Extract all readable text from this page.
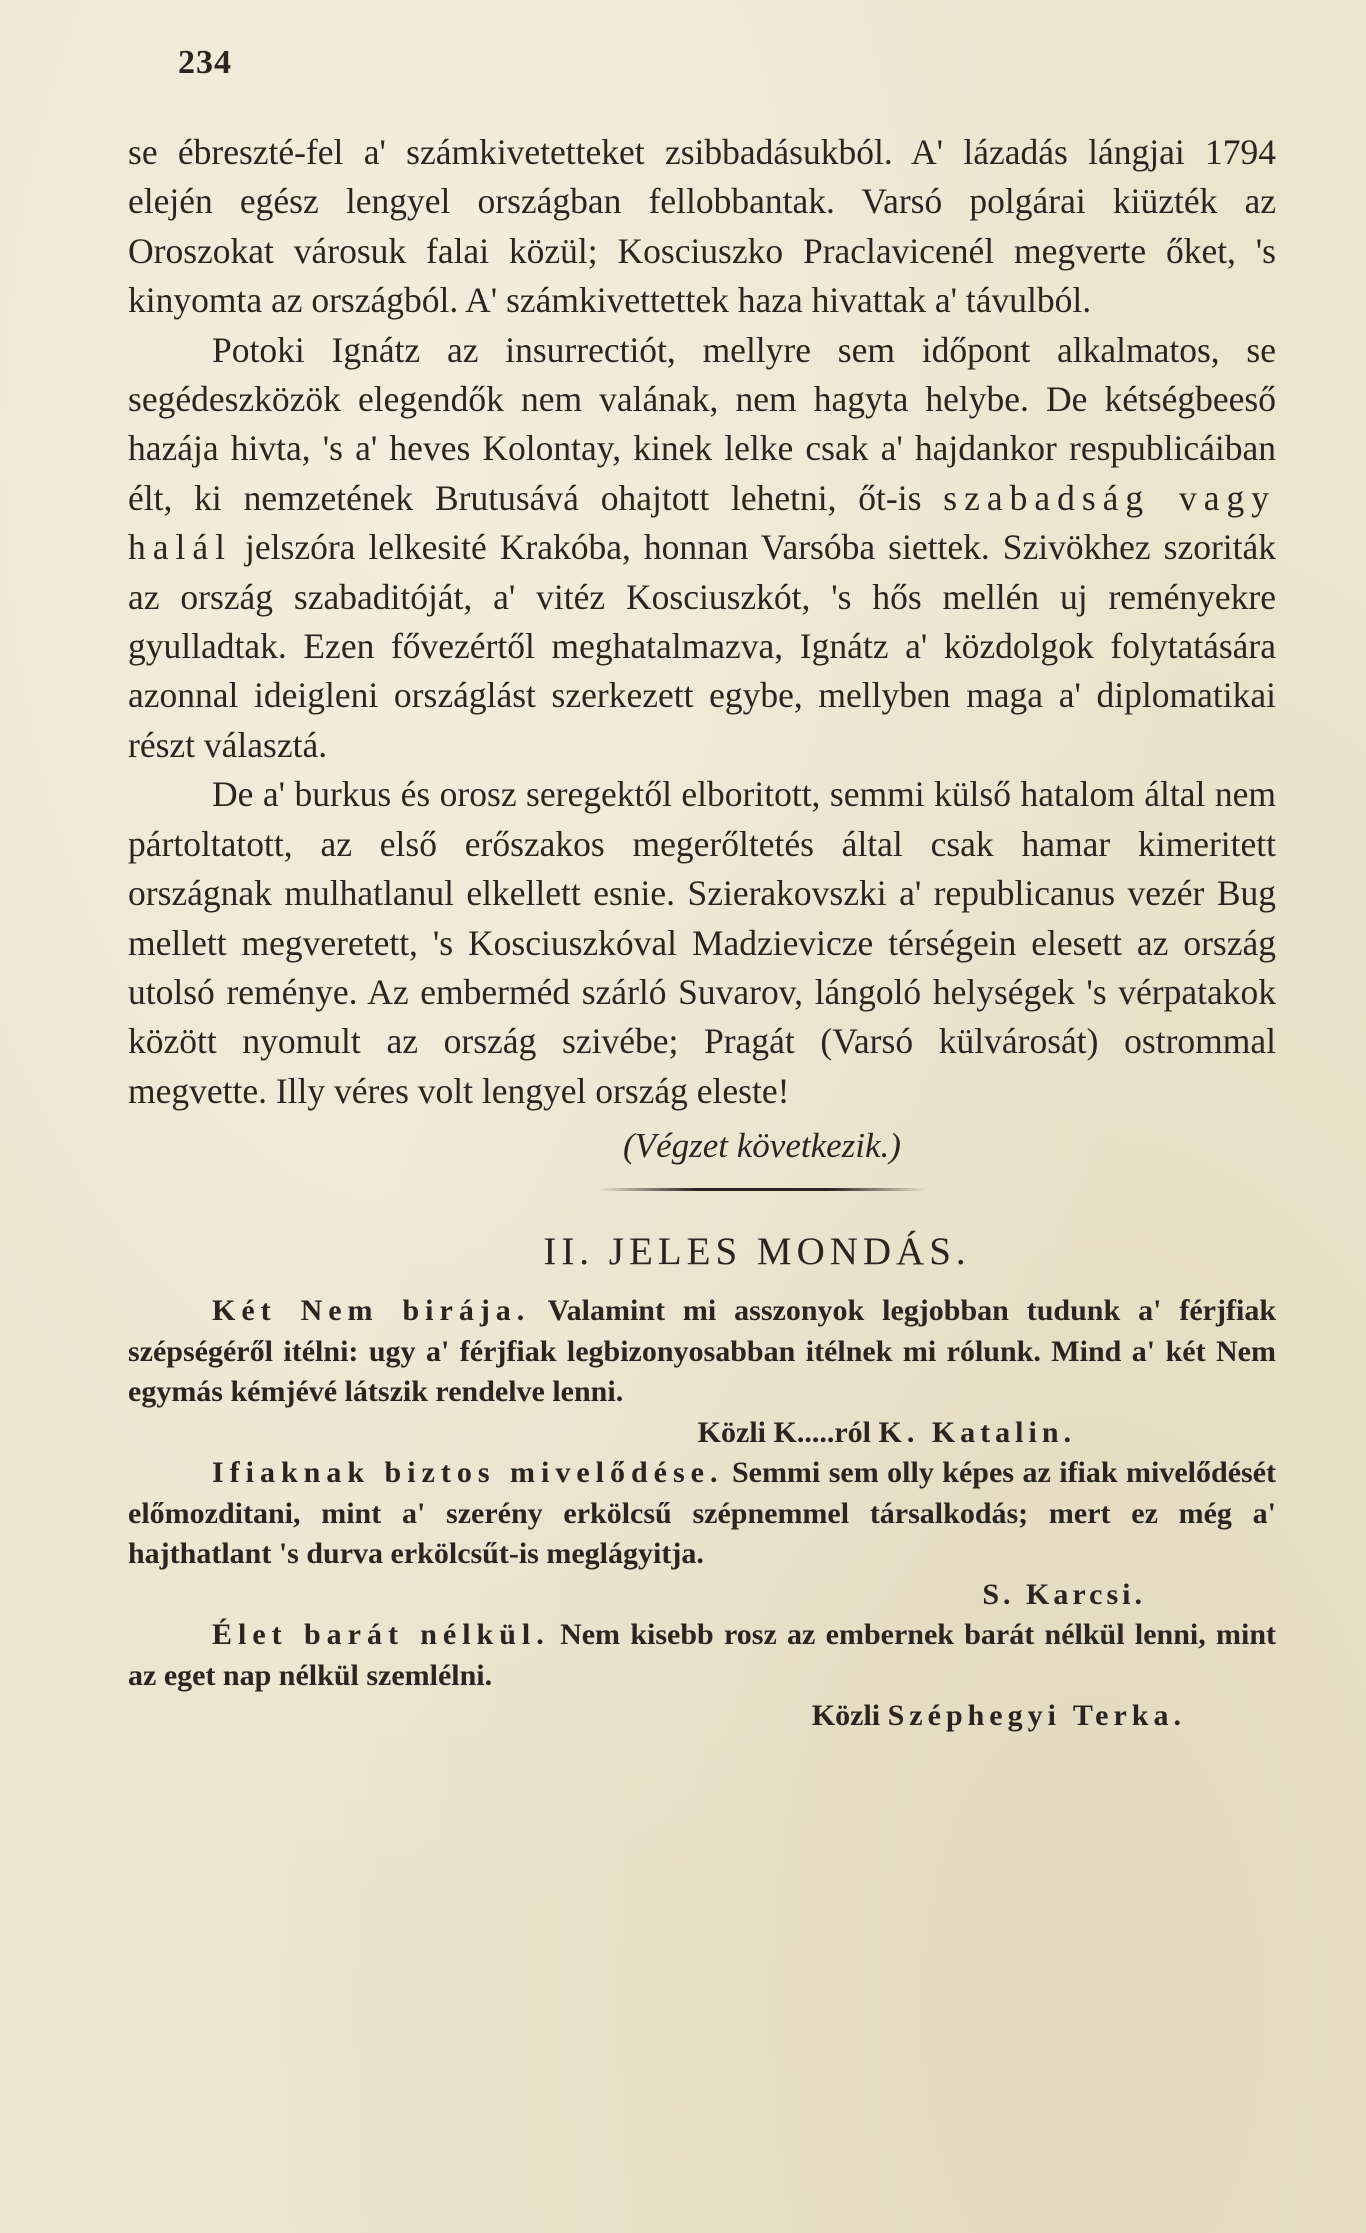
234

se ébreszté-fel a' számkivetetteket zsibbadásukból. A' lázadás lángjai 1794 elején egész lengyel országban fellobbantak. Varsó polgárai kiüzték az Oroszokat városuk falai közül; Kosciuszko Praclavicenél megverte őket, 's kinyomta az országból. A' számkivettettek haza hivattak a' távulból.

Potoki Ignátz az insurrectiót, mellyre sem időpont alkalmatos, se segédeszközök elegendők nem valának, nem hagyta helybe. De kétségbeeső hazája hivta, 's a' heves Kolontay, kinek lelke csak a' hajdankor respublicáiban élt, ki nemzetének Brutusává ohajtott lehetni, őt-is szabadság vagy halál jelszóra lelkesité Krakóba, honnan Varsóba siettek. Szivökhez szoriták az ország szabaditóját, a' vitéz Kosciuszkót, 's hős mellén uj reményekre gyulladtak. Ezen fővezértől meghatalmazva, Ignátz a' közdolgok folytatására azonnal ideigleni országlást szerkezett egybe, mellyben maga a' diplomatikai részt választá.

De a' burkus és orosz seregektől elboritott, semmi külső hatalom által nem pártoltatott, az első erőszakos megerőltetés által csak hamar kimeritett országnak mulhatlanul elkellett esnie. Szierakovszki a' republicanus vezér Bug mellett megveretett, 's Kosciuszkóval Madzievicze térségein elesett az ország utolsó reménye. Az emberméd szárló Suvarov, lángoló helységek 's vérpatakok között nyomult az ország szivébe; Pragát (Varsó külvárosát) ostrommal megvette. Illy véres volt lengyel ország eleste!

(Végzet következik.)

II. JELES MONDÁS.

Két Nem birája. Valamint mi asszonyok legjobban tudunk a' férjfiak szépségéről itélni: ugy a' férjfiak legbizonyosabban itélnek mi rólunk. Mind a' két Nem egymás kémjévé látszik rendelve lenni.

Közli K.....ról K. Katalin.

Ifiaknak biztos mivelődése. Semmi sem olly képes az ifiak mivelődését előmozditani, mint a' szerény erkölcsű szépnemmel társalkodás; mert ez még a' hajthatlant 's durva erkölcsűt-is meglágyitja.

S. Karcsi.

Élet barát nélkül. Nem kisebb rosz az embernek barát nélkül lenni, mint az eget nap nélkül szemlélni.

Közli Széphegyi Terka.
